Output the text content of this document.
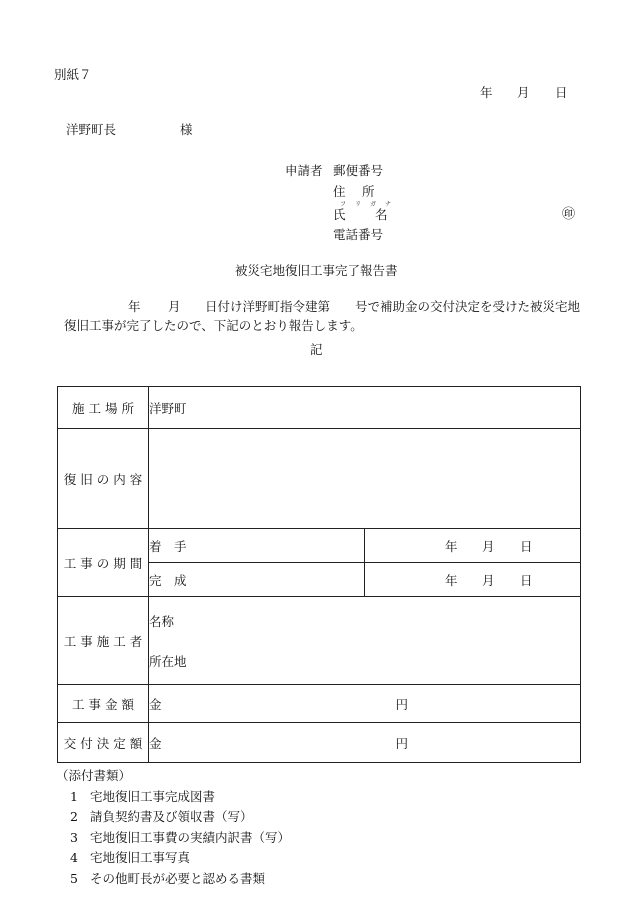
別紙７
年 月 日
洋野町長	様
申請者 郵便番号
住　 所
フ リ ガ ナ
氏 名	㊞
電話番号
被災宅地復旧工事完了報告書
年 月 日付け洋野町指令建第 号で補助金の交付決定を受けた被災宅地
復旧工事が完了したので、下記のとおり報告します。
記
施 工 場 所	洋野町	
復 旧 の 内 容		
工 事 の 期 間	着　手	年 月 日

	完　成	年 月 日

工 事 施 工 者	名称
所在地	

工 事 金 額	金 円	

交 付 決 定 額	金 円	
（添付書類）
1 宅地復旧工事完成図書
2 請負契約書及び領収書（写）
3 宅地復旧工事費の実績内訳書（写）
4 宅地復旧工事写真
5 その他町長が必要と認める書類
